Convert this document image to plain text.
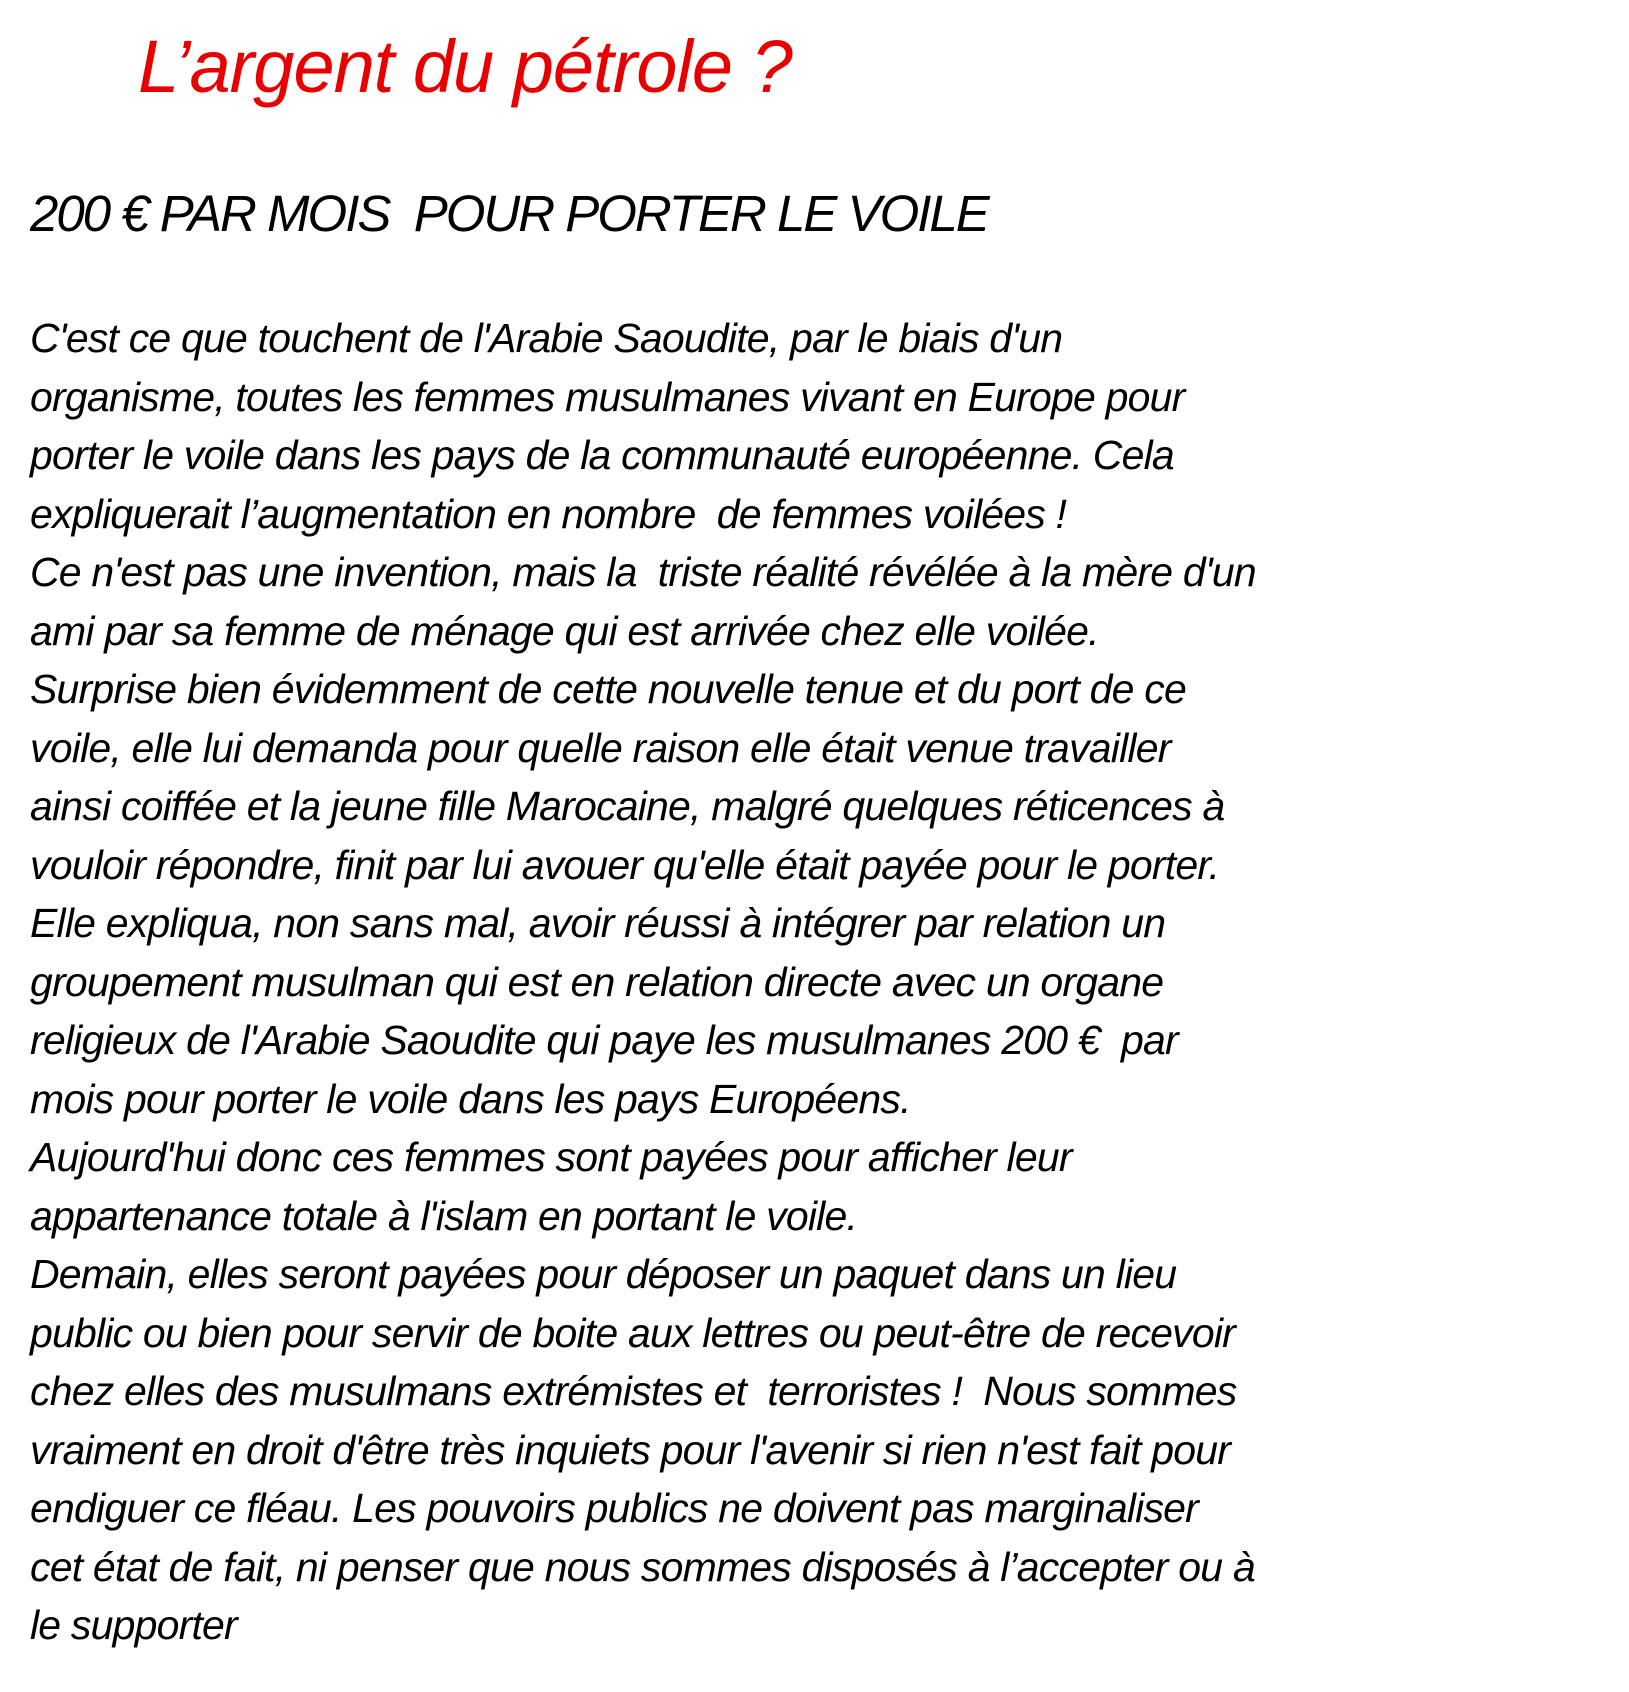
L’argent du pétrole ?
200 € PAR MOIS  POUR PORTER LE VOILE
C'est ce que touchent de l'Arabie Saoudite, par le biais d'un
organisme, toutes les femmes musulmanes vivant en Europe pour
porter le voile dans les pays de la communauté européenne. Cela
expliquerait l’augmentation en nombre  de femmes voilées !
Ce n'est pas une invention, mais la  triste réalité révélée à la mère d'un
ami par sa femme de ménage qui est arrivée chez elle voilée.
Surprise bien évidemment de cette nouvelle tenue et du port de ce
voile, elle lui demanda pour quelle raison elle était venue travailler
ainsi coiffée et la jeune fille Marocaine, malgré quelques réticences à
vouloir répondre, finit par lui avouer qu'elle était payée pour le porter.
Elle expliqua, non sans mal, avoir réussi à intégrer par relation un
groupement musulman qui est en relation directe avec un organe
religieux de l'Arabie Saoudite qui paye les musulmanes 200 €  par
mois pour porter le voile dans les pays Européens.
Aujourd'hui donc ces femmes sont payées pour afficher leur
appartenance totale à l'islam en portant le voile.
Demain, elles seront payées pour déposer un paquet dans un lieu
public ou bien pour servir de boite aux lettres ou peut-être de recevoir
chez elles des musulmans extrémistes et  terroristes !  Nous sommes
vraiment en droit d'être très inquiets pour l'avenir si rien n'est fait pour
endiguer ce fléau. Les pouvoirs publics ne doivent pas marginaliser
cet état de fait, ni penser que nous sommes disposés à l’accepter ou à
le supporter
